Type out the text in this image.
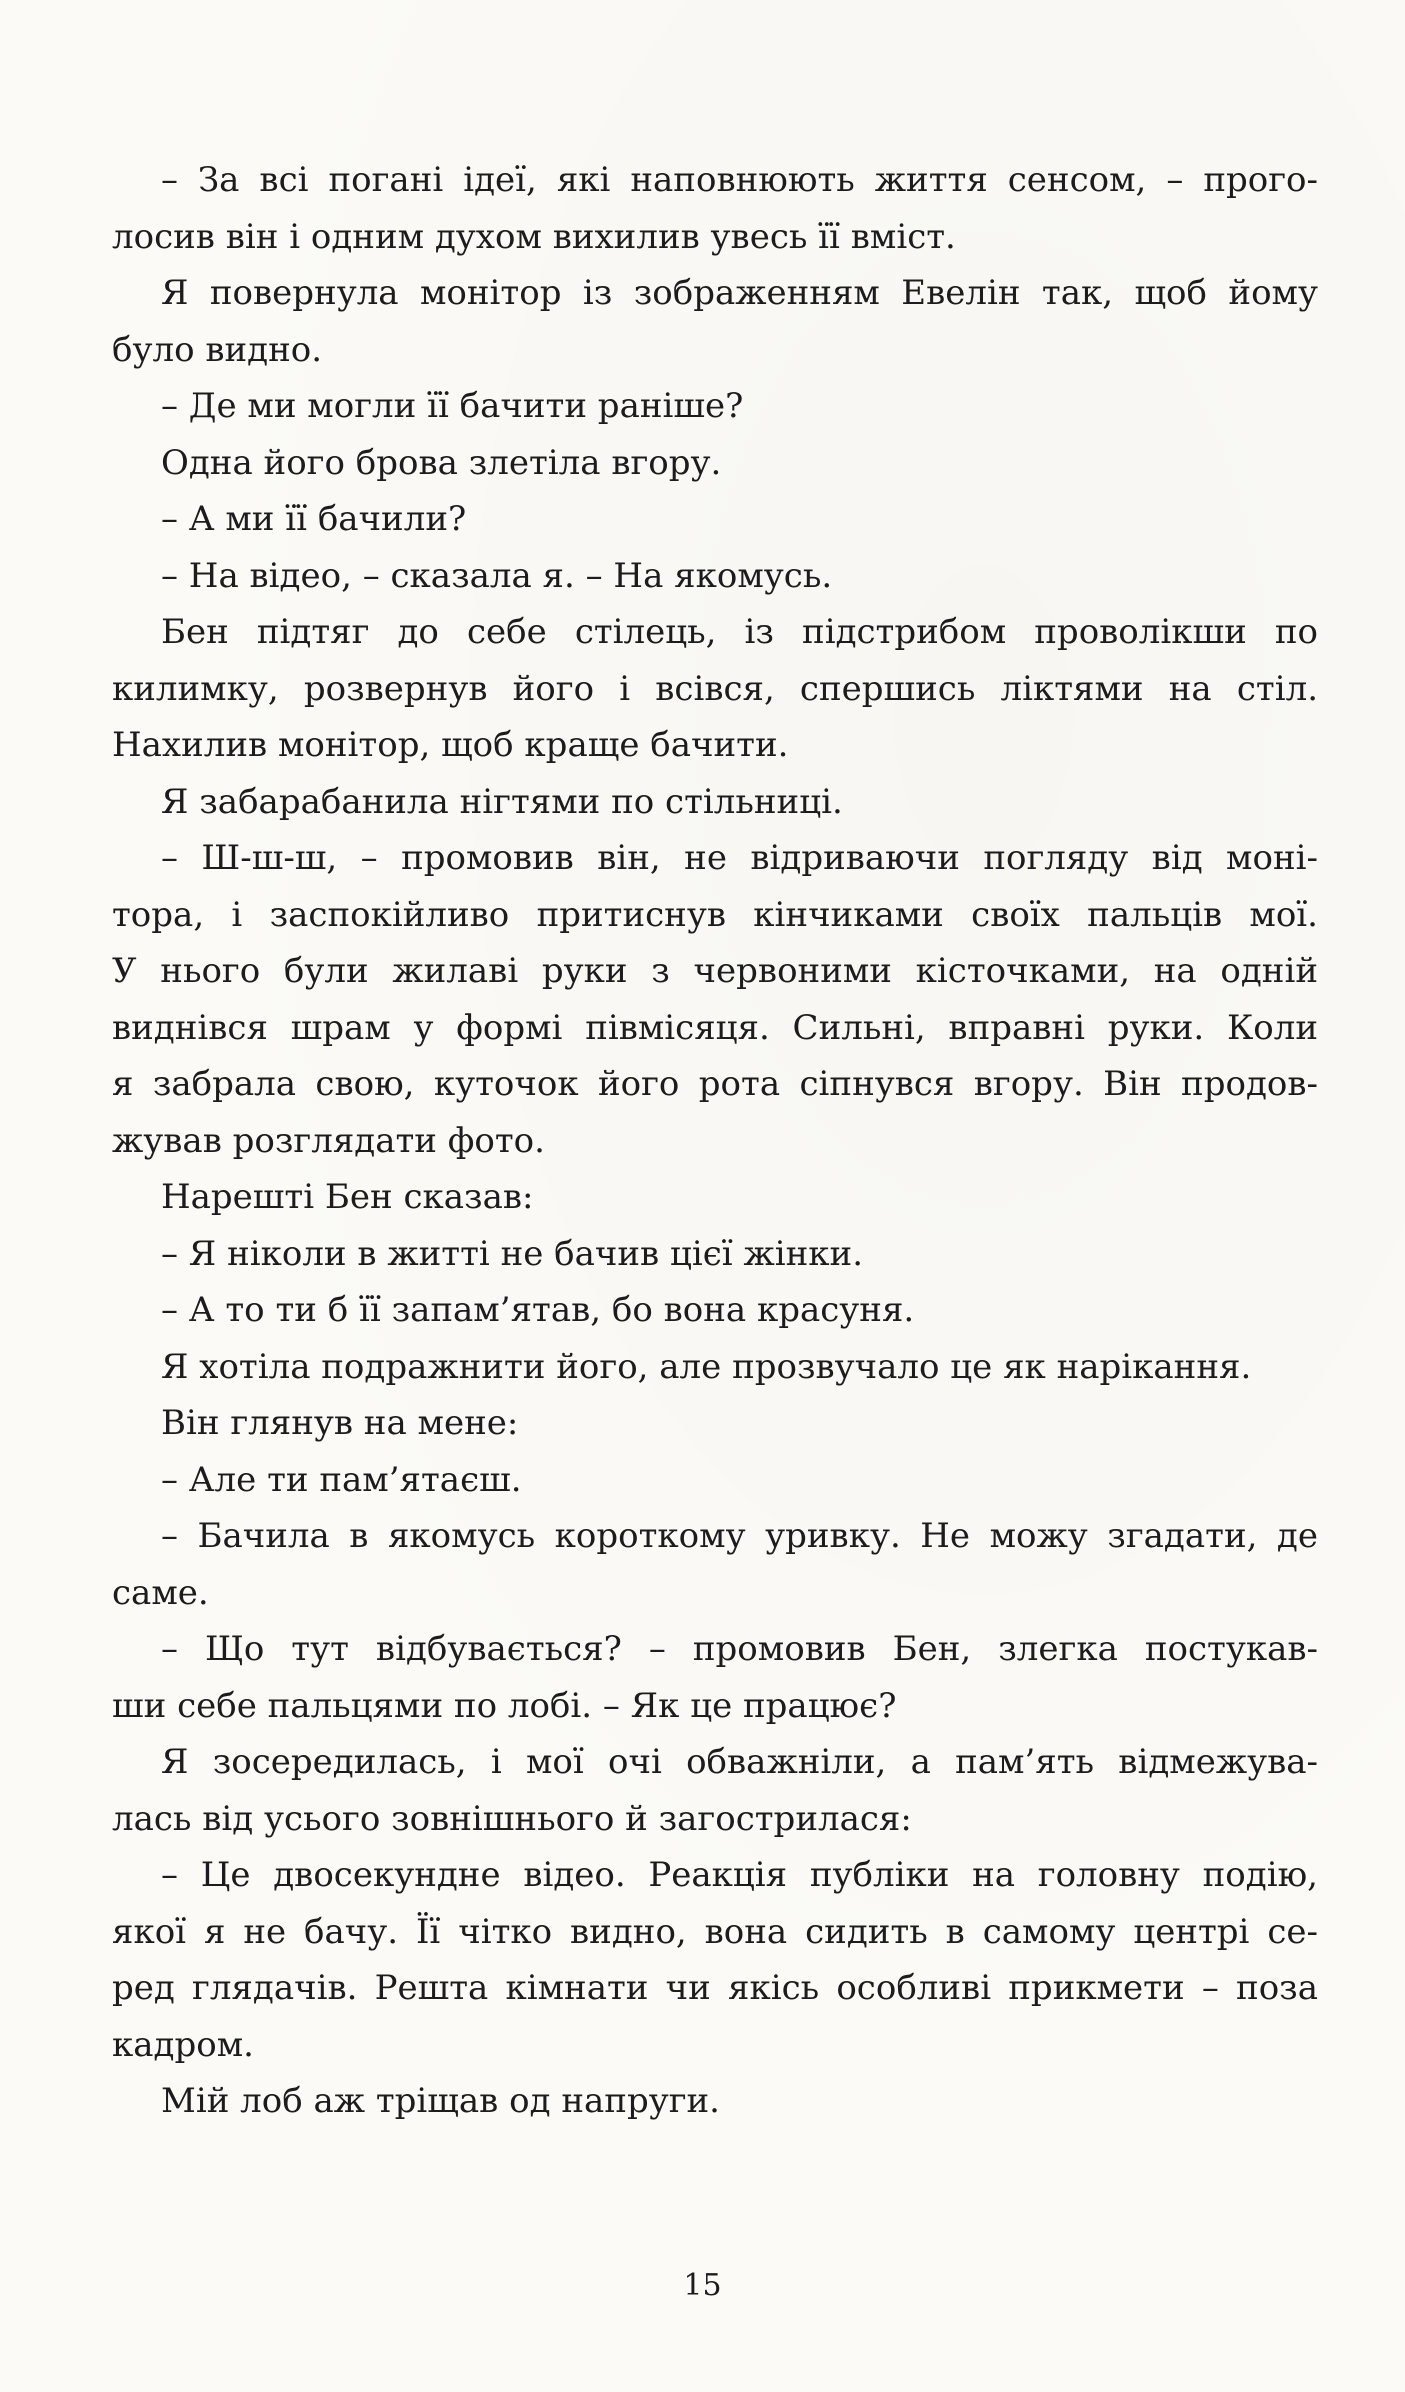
– За всі погані ідеї, які наповнюють життя сенсом, – прого-
лосив він і одним духом вихилив увесь її вміст.
Я повернула монітор із зображенням Евелін так, щоб йому
було видно.
– Де ми могли її бачити раніше?
Одна його брова злетіла вгору.
– А ми її бачили?
– На відео, – сказала я. – На якомусь.
Бен підтяг до себе стілець, із підстрибом проволікши по
килимку, розвернув його і всівся, спершись ліктями на стіл.
Нахилив монітор, щоб краще бачити.
Я забарабанила нігтями по стільниці.
– Ш-ш-ш, – промовив він, не відриваючи погляду від моні-
тора, і заспокійливо притиснув кінчиками своїх пальців мої.
У нього були жилаві руки з червоними кісточками, на одній
виднівся шрам у формі півмісяця. Сильні, вправні руки. Коли
я забрала свою, куточок його рота сіпнувся вгору. Він продов-
жував розглядати фото.
Нарешті Бен сказав:
– Я ніколи в житті не бачив цієї жінки.
– А то ти б її запам’ятав, бо вона красуня.
Я хотіла подражнити його, але прозвучало це як нарікання.
Він глянув на мене:
– Але ти пам’ятаєш.
– Бачила в якомусь короткому уривку. Не можу згадати, де
саме.
– Що тут відбувається? – промовив Бен, злегка постукав-
ши себе пальцями по лобі. – Як це працює?
Я зосередилась, і мої очі обважніли, а пам’ять відмежува-
лась від усього зовнішнього й загострилася:
– Це двосекундне відео. Реакція публіки на головну подію,
якої я не бачу. Її чітко видно, вона сидить в самому центрі се-
ред глядачів. Решта кімнати чи якісь особливі прикмети – поза
кадром.
Мій лоб аж тріщав од напруги.
15
